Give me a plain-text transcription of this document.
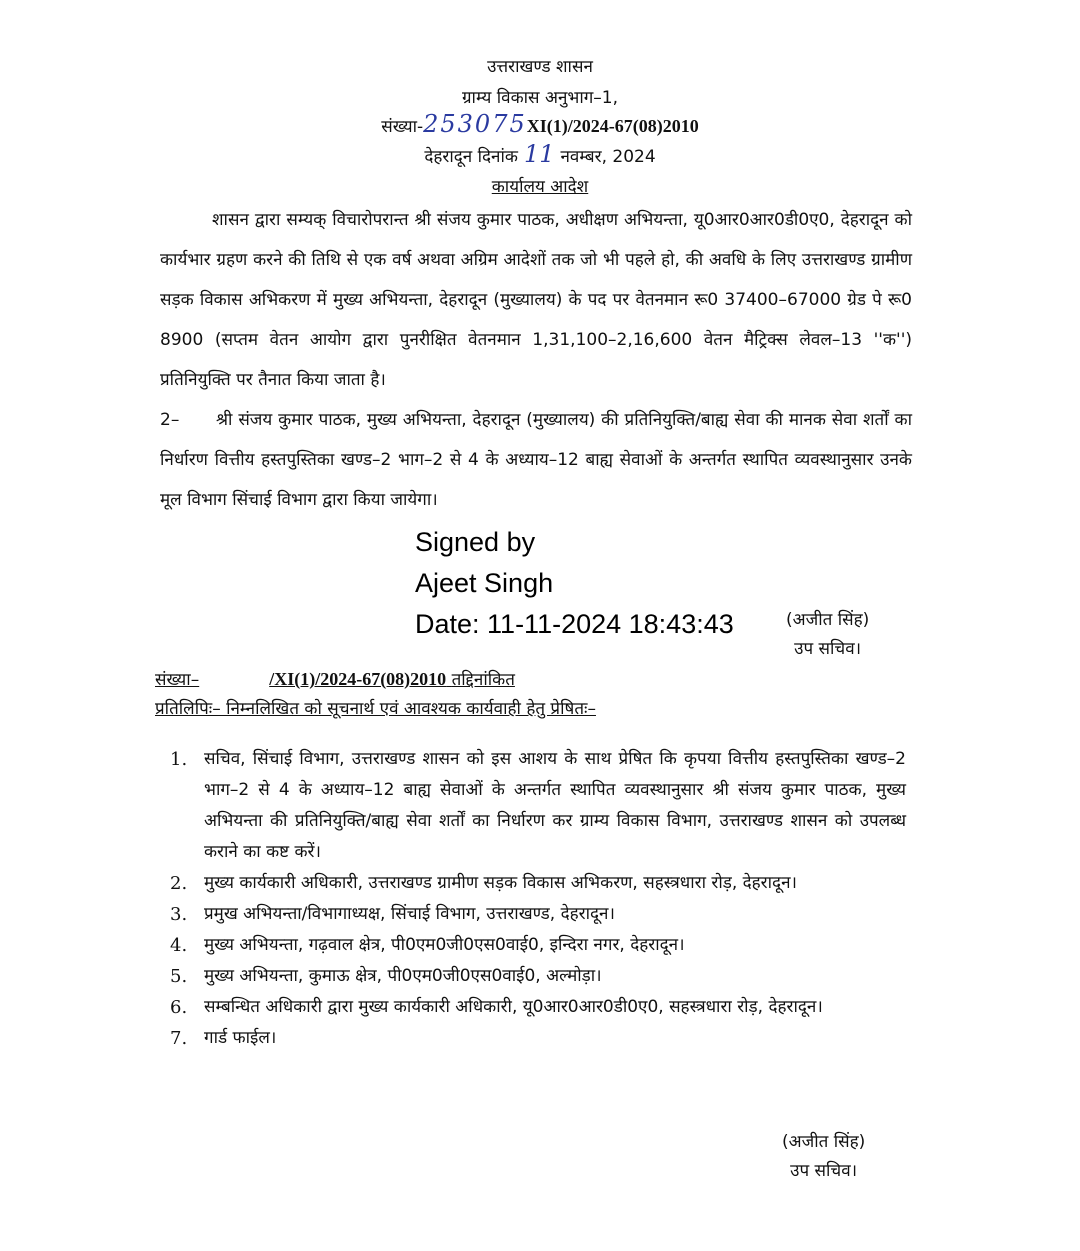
उत्तराखण्ड शासन
ग्राम्य विकास अनुभाग–1,
संख्या-253075XI(1)/2024-67(08)2010
देहरादून दिनांक 11 नवम्बर, 2024
कार्यालय आदेश

शासन द्वारा सम्यक् विचारोपरान्त श्री संजय कुमार पाठक, अधीक्षण अभियन्ता, यू0आर0आर0डी0ए0, देहरादून को कार्यभार ग्रहण करने की तिथि से एक वर्ष अथवा अग्रिम आदेशों तक जो भी पहले हो, की अवधि के लिए उत्तराखण्ड ग्रामीण सड़क विकास अभिकरण में मुख्य अभियन्ता, देहरादून (मुख्यालय) के पद पर वेतनमान रू0 37400–67000 ग्रेड पे रू0 8900 (सप्तम वेतन आयोग द्वारा पुनरीक्षित वेतनमान 1,31,100–2,16,600 वेतन मैट्रिक्स लेवल–13 ''क'') प्रतिनियुक्ति पर तैनात किया जाता है।

2– श्री संजय कुमार पाठक, मुख्य अभियन्ता, देहरादून (मुख्यालय) की प्रतिनियुक्ति/बाह्य सेवा की मानक सेवा शर्तों का निर्धारण वित्तीय हस्तपुस्तिका खण्ड–2 भाग–2 से 4 के अध्याय–12 बाह्य सेवाओं के अन्तर्गत स्थापित व्यवस्थानुसार उनके मूल विभाग सिंचाई विभाग द्वारा किया जायेगा।

Signed by
Ajeet Singh
Date: 11-11-2024 18:43:43	(अजीत सिंह)
उप सचिव।
संख्या–	/XI(1)/2024-67(08)2010 तद्दिनांकित
प्रतिलिपिः– निम्नलिखित को सूचनार्थ एवं आवश्यक कार्यवाही हेतु प्रेषितः–
1. सचिव, सिंचाई विभाग, उत्तराखण्ड शासन को इस आशय के साथ प्रेषित कि कृपया वित्तीय हस्तपुस्तिका खण्ड–2 भाग–2 से 4 के अध्याय–12 बाह्य सेवाओं के अन्तर्गत स्थापित व्यवस्थानुसार श्री संजय कुमार पाठक, मुख्य अभियन्ता की प्रतिनियुक्ति/बाह्य सेवा शर्तों का निर्धारण कर ग्राम्य विकास विभाग, उत्तराखण्ड शासन को उपलब्ध कराने का कष्ट करें।
2. मुख्य कार्यकारी अधिकारी, उत्तराखण्ड ग्रामीण सड़क विकास अभिकरण, सहस्त्रधारा रोड़, देहरादून।
3. प्रमुख अभियन्ता/विभागाध्यक्ष, सिंचाई विभाग, उत्तराखण्ड, देहरादून।
4. मुख्य अभियन्ता, गढ़वाल क्षेत्र, पी0एम0जी0एस0वाई0, इन्दिरा नगर, देहरादून।
5. मुख्य अभियन्ता, कुमाऊ क्षेत्र, पी0एम0जी0एस0वाई0, अल्मोड़ा।
6. सम्बन्धित अधिकारी द्वारा मुख्य कार्यकारी अधिकारी, यू0आर0आर0डी0ए0, सहस्त्रधारा रोड़, देहरादून।
7. गार्ड फाईल।
(अजीत सिंह)
उप सचिव।
